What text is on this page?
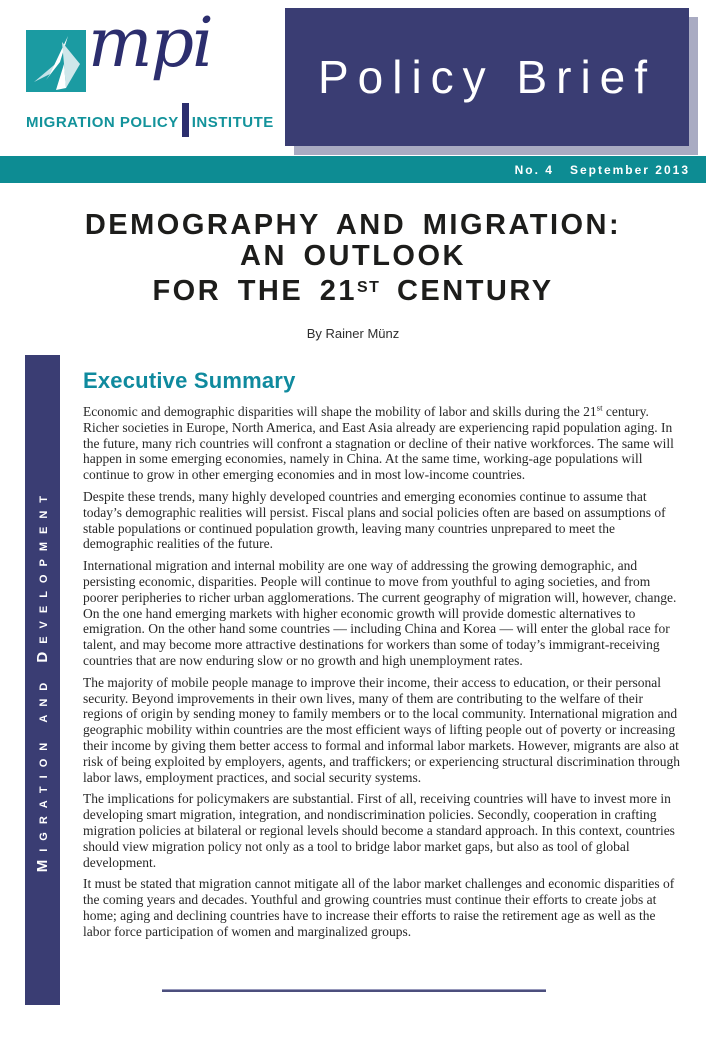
mpi
MIGRATION POLICY INSTITUTE
Policy Brief
No. 4 September 2013
DEMOGRAPHY AND MIGRATION:
AN OUTLOOK
FOR THE 21ST CENTURY
By Rainer Münz
Migration and Development
Executive Summary

Economic and demographic disparities will shape the mobility of labor and skills during the 21st century. Richer societies in Europe, North America, and East Asia already are experiencing rapid population aging. In the future, many rich countries will confront a stagnation or decline of their native workforces. The same will happen in some emerging economies, namely in China. At the same time, working-age populations will continue to grow in other emerging economies and in most low-income countries.

Despite these trends, many highly developed countries and emerging economies continue to assume that today’s demographic realities will persist. Fiscal plans and social policies often are based on assumptions of stable populations or continued population growth, leaving many countries unprepared to meet the demographic realities of the future.

International migration and internal mobility are one way of addressing the growing demographic, and persisting economic, disparities. People will continue to move from youthful to aging societies, and from poorer peripheries to richer urban agglomerations. The current geography of migration will, however, change. On the one hand emerging markets with higher economic growth will provide domestic alternatives to emigration. On the other hand some countries — including China and Korea — will enter the global race for talent, and may become more attractive destinations for workers than some of today’s immigrant-receiving countries that are now enduring slow or no growth and high unemployment rates.

The majority of mobile people manage to improve their income, their access to education, or their personal security. Beyond improvements in their own lives, many of them are contributing to the welfare of their regions of origin by sending money to family members or to the local community. International migration and geographic mobility within countries are the most efficient ways of lifting people out of poverty or increasing their income by giving them better access to formal and informal labor markets. However, migrants are also at risk of being exploited by employers, agents, and traffickers; or experiencing structural discrimination through labor laws, employment practices, and social security systems.

The implications for policymakers are substantial. First of all, receiving countries will have to invest more in developing smart migration, integration, and nondiscrimination policies. Secondly, cooperation in crafting migration policies at bilateral or regional levels should become a standard approach. In this context, countries should view migration policy not only as a tool to bridge labor market gaps, but also as tool of global development.

It must be stated that migration cannot mitigate all of the labor market challenges and economic disparities of the coming years and decades. Youthful and growing countries must continue their efforts to create jobs at home; aging and declining countries have to increase their efforts to raise the retirement age as well as the labor force participation of women and marginalized groups.
